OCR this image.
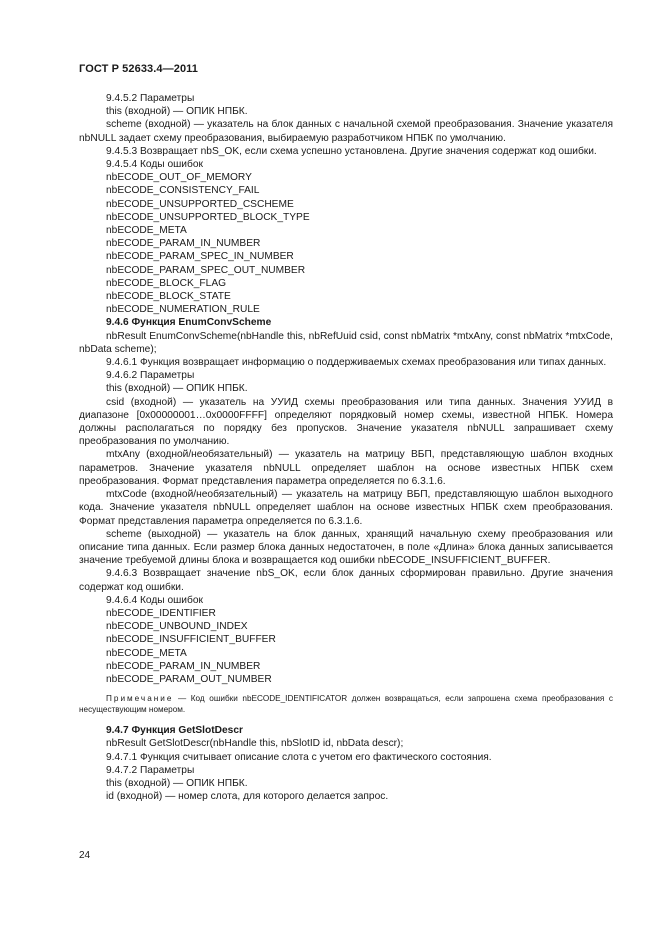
ГОСТ Р 52633.4—2011

9.4.5.2 Параметры

this (входной) — ОПИК НПБК.

scheme (входной) — указатель на блок данных с начальной схемой преобразования. Значение указателя nbNULL задает схему преобразования, выбираемую разработчиком НПБК по умолчанию.

9.4.5.3 Возвращает nbS_OK, если схема успешно установлена. Другие значения содержат код ошибки.

9.4.5.4 Коды ошибок

nbECODE_OUT_OF_MEMORY

nbECODE_CONSISTENCY_FAIL

nbECODE_UNSUPPORTED_CSCHEME

nbECODE_UNSUPPORTED_BLOCK_TYPE

nbECODE_META

nbECODE_PARAM_IN_NUMBER

nbECODE_PARAM_SPEC_IN_NUMBER

nbECODE_PARAM_SPEC_OUT_NUMBER

nbECODE_BLOCK_FLAG

nbECODE_BLOCK_STATE

nbECODE_NUMERATION_RULE

9.4.6 Функция EnumConvScheme

nbResult EnumConvScheme(nbHandle this, nbRefUuid csid, const nbMatrix *mtxAny, const nbMatrix *mtxCode, nbData scheme);

9.4.6.1 Функция возвращает информацию о поддерживаемых схемах преобразования или типах данных.

9.4.6.2 Параметры

this (входной) — ОПИК НПБК.

csid (входной) — указатель на УУИД схемы преобразования или типа данных. Значения УУИД в диапазоне [0x00000001…0x0000FFFF] определяют порядковый номер схемы, известной НПБК. Номера должны располагаться по порядку без пропусков. Значение указателя nbNULL запрашивает схему преобразования по умолчанию.

mtxAny (входной/необязательный) — указатель на матрицу ВБП, представляющую шаблон входных параметров. Значение указателя nbNULL определяет шаблон на основе известных НПБК схем преобразования. Формат представления параметра определяется по 6.3.1.6.

mtxCode (входной/необязательный) — указатель на матрицу ВБП, представляющую шаблон выходного кода. Значение указателя nbNULL определяет шаблон на основе известных НПБК схем преобразования. Формат представления параметра определяется по 6.3.1.6.

scheme (выходной) — указатель на блок данных, хранящий начальную схему преобразования или описание типа данных. Если размер блока данных недостаточен, в поле «Длина» блока данных записывается значение требуемой длины блока и возвращается код ошибки nbECODE_INSUFFICIENT_BUFFER.

9.4.6.3 Возвращает значение nbS_OK, если блок данных сформирован правильно. Другие значения содержат код ошибки.

9.4.6.4 Коды ошибок

nbECODE_IDENTIFIER

nbECODE_UNBOUND_INDEX

nbECODE_INSUFFICIENT_BUFFER

nbECODE_META

nbECODE_PARAM_IN_NUMBER

nbECODE_PARAM_OUT_NUMBER

Примечание — Код ошибки nbECODE_IDENTIFICATOR должен возвращаться, если запрошена схема преобразования с несуществующим номером.

9.4.7 Функция GetSlotDescr

nbResult GetSlotDescr(nbHandle this, nbSlotID id, nbData descr);

9.4.7.1 Функция считывает описание слота с учетом его фактического состояния.

9.4.7.2 Параметры

this (входной) — ОПИК НПБК.

id (входной) — номер слота, для которого делается запрос.

24
